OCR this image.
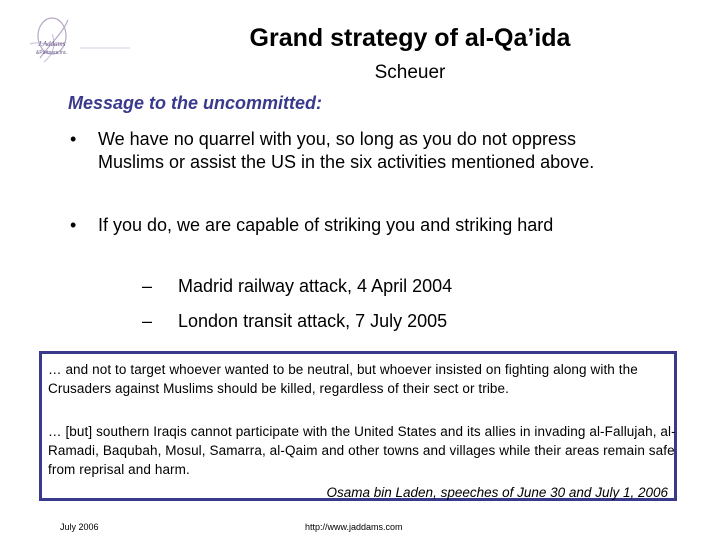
J.Addams
&Partners,Inc.
Grand strategy of al-Qa’ida
Scheuer
Message to the uncommitted:
• We have no quarrel with you, so long as you do not oppress Muslims or assist the US in the six activities mentioned above.
• If you do, we are capable of striking you and striking hard
– Madrid railway attack, 4 April 2004
– London transit attack, 7 July 2005
… and not to target whoever wanted to be neutral, but whoever insisted on fighting along with the Crusaders against Muslims should be killed, regardless of their sect or tribe.
… [but] southern Iraqis cannot participate with the United States and its allies in invading al-Fallujah, al-Ramadi, Baqubah, Mosul, Samarra, al-Qaim and other towns and villages while their areas remain safe from reprisal and harm.
Osama bin Laden, speeches of June 30 and July 1, 2006
July 2006	http://www.jaddams.com
